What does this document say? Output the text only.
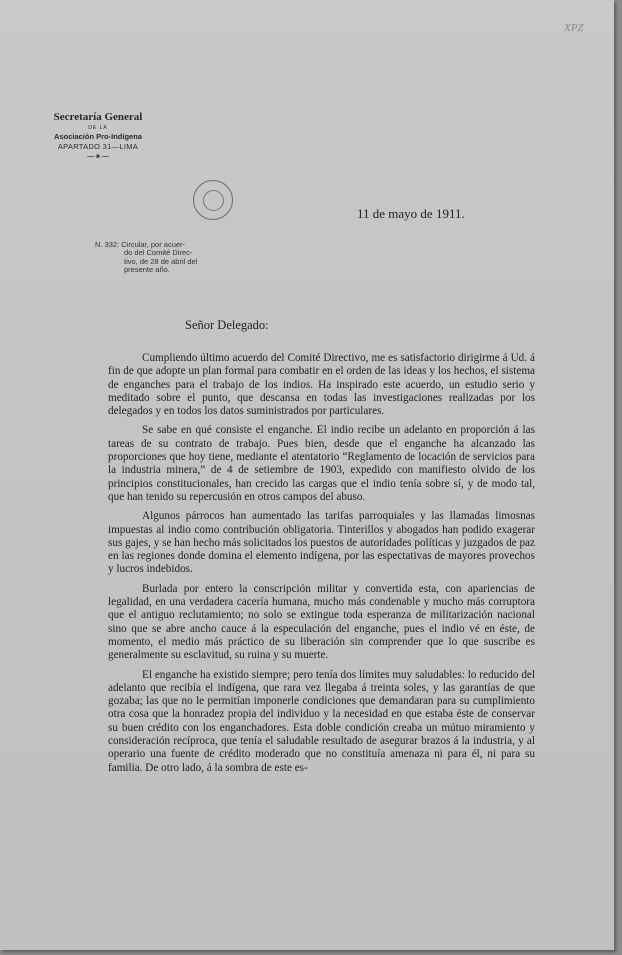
XPZ
Secretaría General
DE LA
Asociación Pro-Indígena
APARTADO 31—LIMA
⁓⁕⁓
11 de mayo de 1911.
N. 332: Circular, por acuer-
do del Comité Direc- tivo, de 28 de abril del presente año.
Señor Delegado:

Cumpliendo último acuerdo del Comité Directivo, me es satisfactorio dirigirme á Ud. á fin de que adopte un plan formal para combatir en el orden de las ideas y los hechos, el sistema de enganches para el trabajo de los indios. Ha inspirado este acuerdo, un estudio serio y meditado sobre el punto, que descansa en todas las investigaciones realizadas por los delegados y en todos los datos suministrados por particulares.

Se sabe en qué consiste el enganche. El indio recibe un adelanto en proporción á las tareas de su contrato de trabajo. Pues bien, desde que el enganche ha alcanzado las proporciones que hoy tiene, mediante el atentatorio “Reglamento de locación de servicios para la industria minera,” de 4 de setiembre de 1903, expedido con manifiesto olvido de los principios constitucionales, han crecido las cargas que el indio tenía sobre sí, y de modo tal, que han tenido su repercusión en otros campos del abuso.

Algunos párrocos han aumentado las tarifas parroquiales y las llamadas limosnas impuestas al indio como contribución obligatoria. Tinterillos y abogados han podido exagerar sus gajes, y se han hecho más solicitados los puestos de autoridades políticas y juzgados de paz en las regiones donde domina el elemento indígena, por las espectativas de mayores provechos y lucros indebidos.

Burlada por entero la conscripción militar y convertida esta, con apariencias de legalidad, en una verdadera cacería humana, mucho más condenable y mucho más corruptora que el antiguo reclutamiento; no solo se extingue toda esperanza de militarización nacional sino que se abre ancho cauce á la especulación del enganche, pues el indio vé en éste, de momento, el medio más práctico de su liberación sin comprender que lo que suscribe es generalmente su esclavitud, su ruina y su muerte.

El enganche ha existido siempre; pero tenía dos límites muy saludables: lo reducido del adelanto que recibía el indígena, que rara vez llegaba á treinta soles, y las garantías de que gozaba; las que no le permitían imponerle condiciones que demandaran para su cumplimiento otra cosa que la honradez propia del individuo y la necesidad en que estaba éste de conservar su buen crédito con los enganchadores. Esta doble condición creaba un mútuo miramiento y consideración recíproca, que tenía el saludable resultado de asegurar brazos á la industria, y al operario una fuente de crédito moderado que no constituía amenaza ni para él, ni para su familia. De otro lado, á la sombra de este es-
